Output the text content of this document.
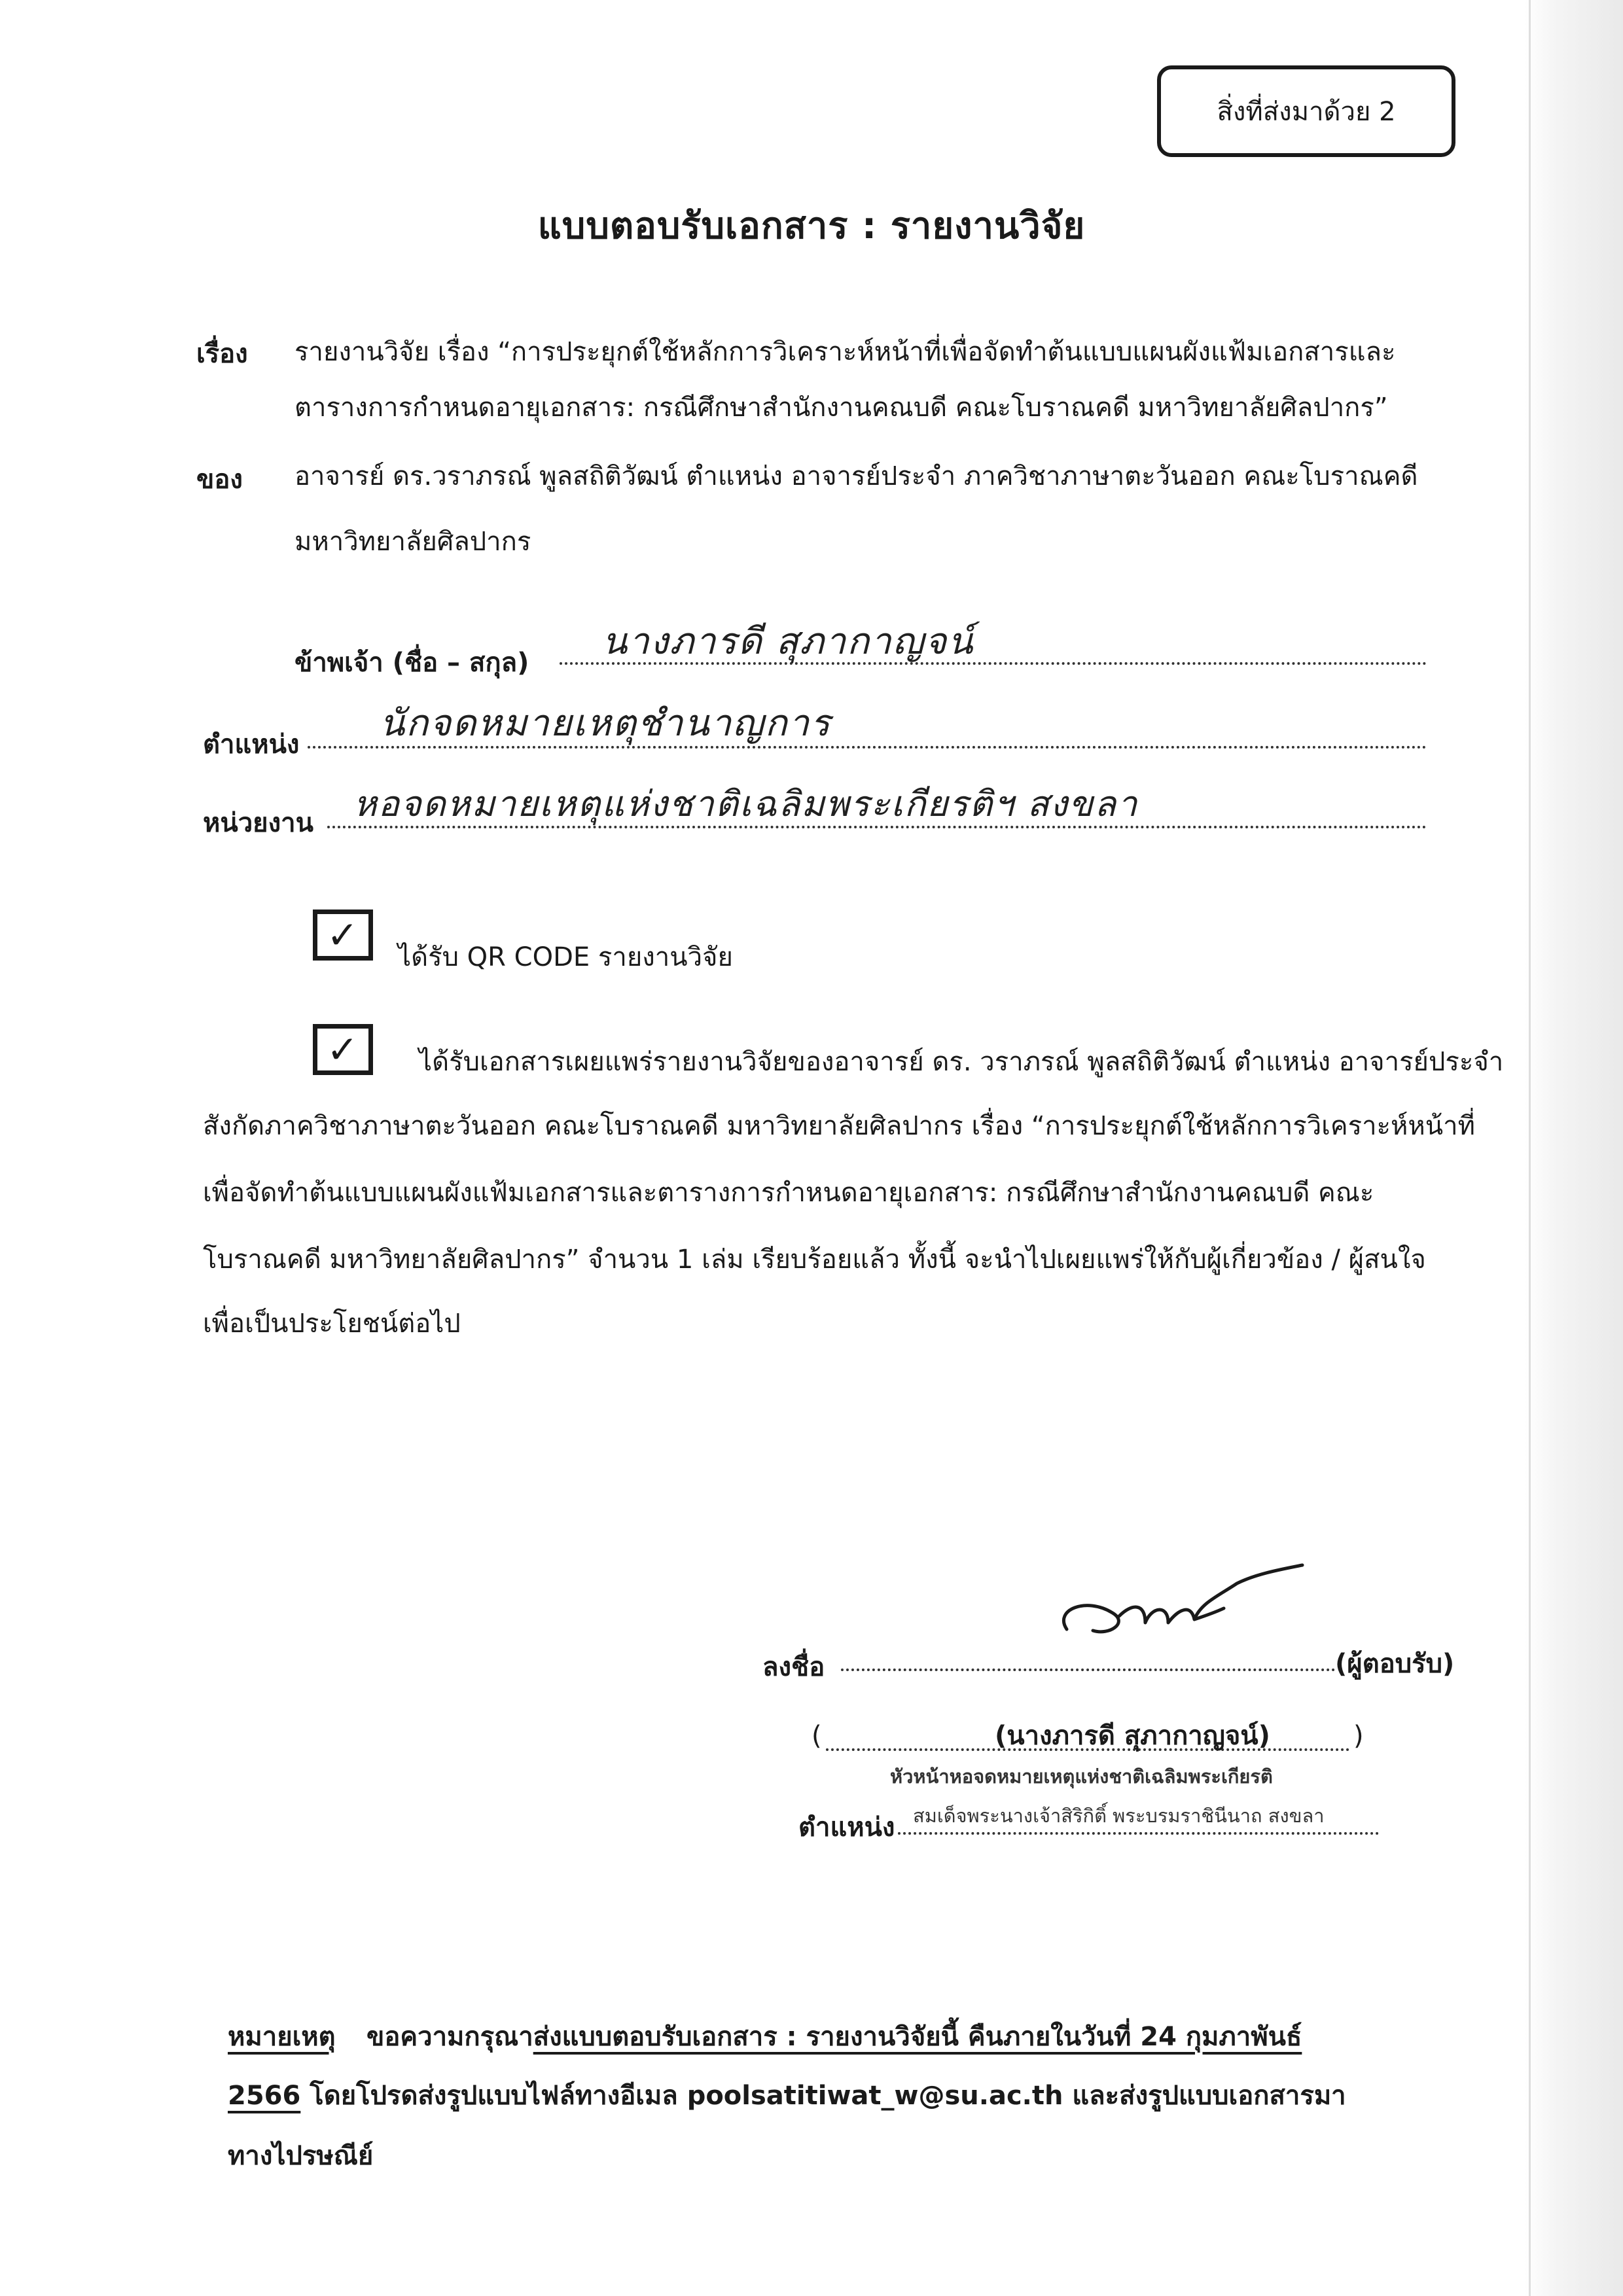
สิ่งที่ส่งมาด้วย 2
แบบตอบรับเอกสาร : รายงานวิจัย
เรื่อง รายงานวิจัย เรื่อง “การประยุกต์ใช้หลักการวิเคราะห์หน้าที่เพื่อจัดทำต้นแบบแผนผังแฟ้มเอกสารและ
ตารางการกำหนดอายุเอกสาร: กรณีศึกษาสำนักงานคณบดี คณะโบราณคดี มหาวิทยาลัยศิลปากร”
ของ อาจารย์ ดร.วราภรณ์ พูลสถิติวัฒน์ ตำแหน่ง อาจารย์ประจำ ภาควิชาภาษาตะวันออก คณะโบราณคดี
มหาวิทยาลัยศิลปากร
ข้าพเจ้า (ชื่อ – สกุล) นางภารดี สุภากาญจน์
ตำแหน่ง นักจดหมายเหตุชำนาญการ
หน่วยงาน หอจดหมายเหตุแห่งชาติเฉลิมพระเกียรติฯ สงขลา
✓ ได้รับ QR CODE รายงานวิจัย
✓ ได้รับเอกสารเผยแพร่รายงานวิจัยของอาจารย์ ดร. วราภรณ์ พูลสถิติวัฒน์ ตำแหน่ง อาจารย์ประจำ
สังกัดภาควิชาภาษาตะวันออก คณะโบราณคดี มหาวิทยาลัยศิลปากร เรื่อง “การประยุกต์ใช้หลักการวิเคราะห์หน้าที่
เพื่อจัดทำต้นแบบแผนผังแฟ้มเอกสารและตารางการกำหนดอายุเอกสาร: กรณีศึกษาสำนักงานคณบดี คณะ
โบราณคดี มหาวิทยาลัยศิลปากร” จำนวน 1 เล่ม เรียบร้อยแล้ว ทั้งนี้ จะนำไปเผยแพร่ให้กับผู้เกี่ยวข้อง / ผู้สนใจ
เพื่อเป็นประโยชน์ต่อไป
ลงชื่อ	(ผู้ตอบรับ)
(	(นางภารดี สุภากาญจน์)	)
หัวหน้าหอจดหมายเหตุแห่งชาติเฉลิมพระเกียรติ
ตำแหน่ง สมเด็จพระนางเจ้าสิริกิติ์ พระบรมราชินีนาถ สงขลา
หมายเหตุ ขอความกรุณาส่งแบบตอบรับเอกสาร : รายงานวิจัยนี้ คืนภายในวันที่ 24 กุมภาพันธ์
2566 โดยโปรดส่งรูปแบบไฟล์ทางอีเมล poolsatitiwat_w@su.ac.th และส่งรูปแบบเอกสารมา
ทางไปรษณีย์
